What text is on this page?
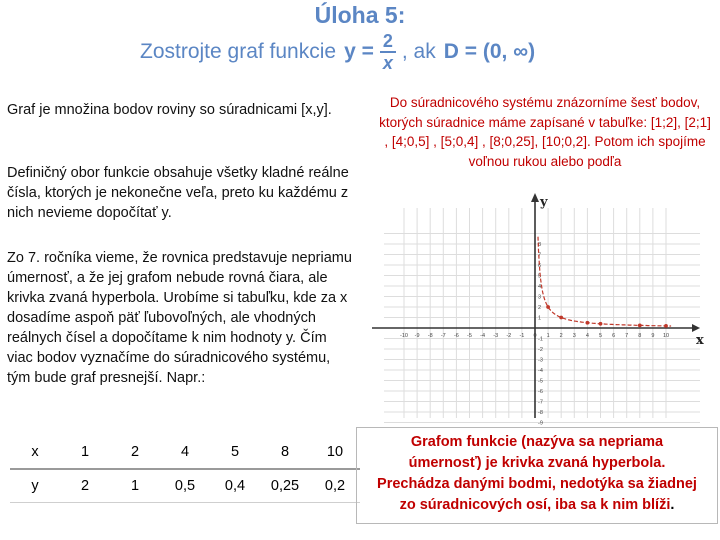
Úloha 5:
Zostrojte graf funkcie $y = \frac{2}{x}$ , ak D = (0, ∞)
Graf je množina bodov roviny so súradnicami [x,y].
Definičný obor funkcie obsahuje všetky kladné reálne čísla, ktorých je nekonečne veľa, preto ku každému z nich nevieme dopočítať y.
Zo 7. ročníka vieme, že rovnica predstavuje nepriamu úmernosť, a že jej grafom nebude rovná čiara, ale krivka zvaná hyperbola. Urobíme si tabuľku, kde za x dosadíme aspoň päť ľubovoľných, ale vhodných reálnych čísel a dopočítame k nim hodnoty y. Čím viac bodov vyznačíme do súradnicového systému, tým bude graf presnejší. Napr.:
x	1	2	4	5	8	10
y	2	1	0,5	0,4	0,25	0,2
Do súradnicového systému znázorníme šesť bodov, ktorých súradnice máme zapísané v tabuľke: [1;2], [2;1] , [4;0,5] , [5;0,4] , [8;0,25], [10;0,2]. Potom ich spojíme voľnou rukou alebo podľa
x
y
-10 -9 -8 -7 -6 -5 -4 -3 -2 -1 0 1 2 3 4 5 6 7 8 9 10
8
7
6
5
4
3
2
1
-1
-2
-3
-4
-5
-6
-7
-8
-9
Grafom funkcie (nazýva sa nepriama
úmernosť) je krivka zvaná hyperbola.
Prechádza danými bodmi, nedotýka sa žiadnej
zo súradnicových osí, iba sa k nim blíži.
